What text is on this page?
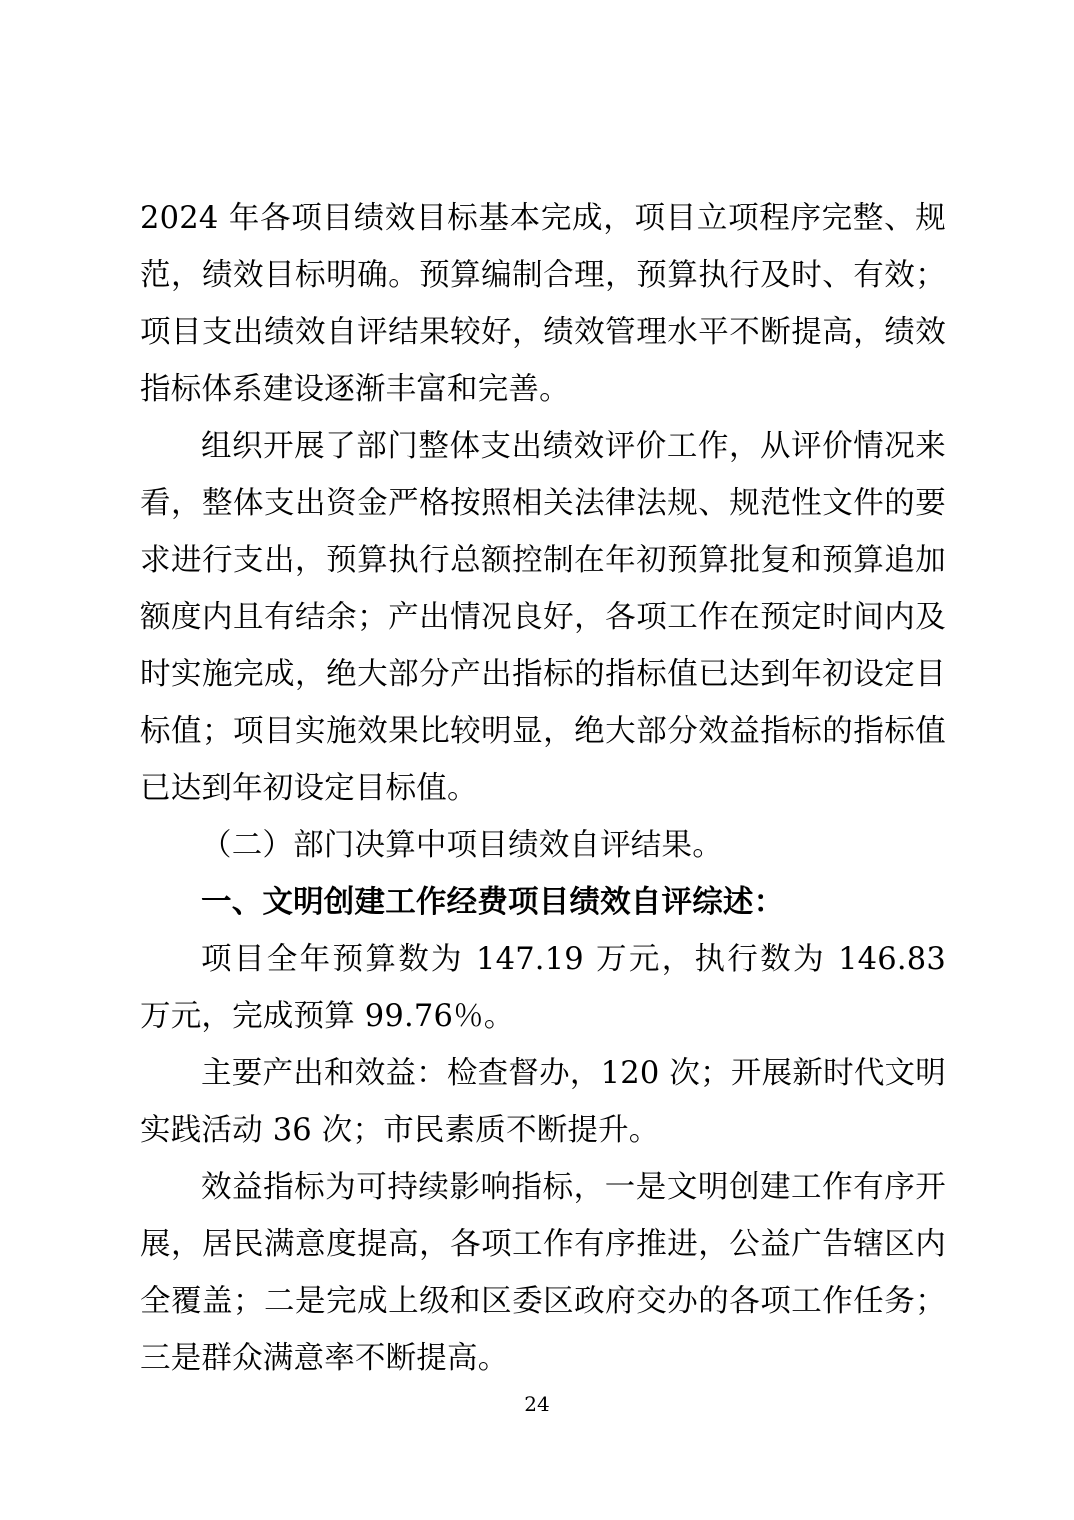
2024 年各项目绩效目标基本完成，项目立项程序完整、规范，绩效目标明确。预算编制合理，预算执行及时、有效；项目支出绩效自评结果较好，绩效管理水平不断提高，绩效指标体系建设逐渐丰富和完善。

组织开展了部门整体支出绩效评价工作，从评价情况来看，整体支出资金严格按照相关法律法规、规范性文件的要求进行支出，预算执行总额控制在年初预算批复和预算追加额度内且有结余；产出情况良好，各项工作在预定时间内及时实施完成，绝大部分产出指标的指标值已达到年初设定目标值；项目实施效果比较明显，绝大部分效益指标的指标值已达到年初设定目标值。

（二）部门决算中项目绩效自评结果。

一、文明创建工作经费项目绩效自评综述：

项目全年预算数为 147.19 万元，执行数为 146.83 万元，完成预算 99.76％。

主要产出和效益：检查督办，120 次；开展新时代文明实践活动 36 次；市民素质不断提升。

效益指标为可持续影响指标，一是文明创建工作有序开展，居民满意度提高，各项工作有序推进，公益广告辖区内全覆盖；二是完成上级和区委区政府交办的各项工作任务；三是群众满意率不断提高。

24
